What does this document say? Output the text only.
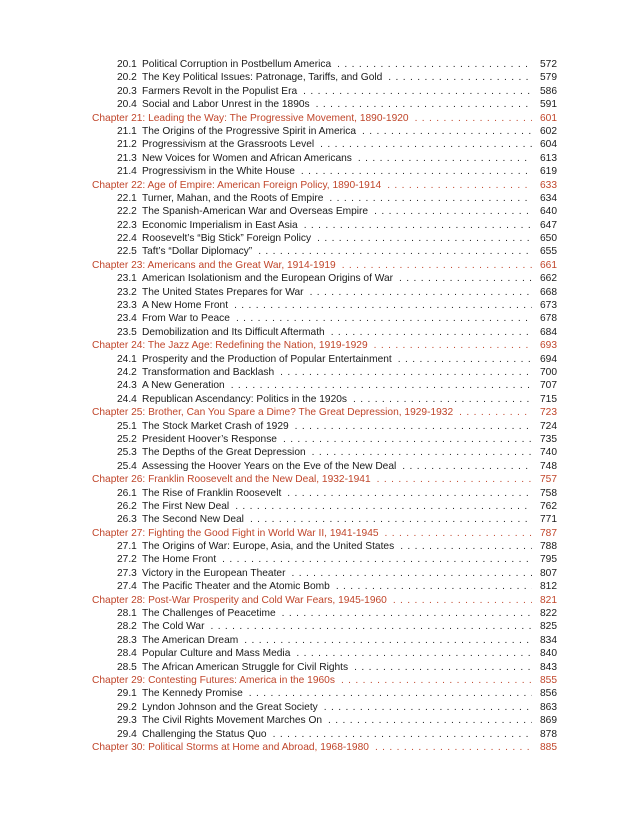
20.1 Political Corruption in Postbellum America .....	572
20.2 The Key Political Issues: Patronage, Tariffs, and Gold .....	579
20.3 Farmers Revolt in the Populist Era .....	586
20.4 Social and Labor Unrest in the 1890s .....	591
Chapter 21: Leading the Way: The Progressive Movement, 1890-1920 .....	601
21.1 The Origins of the Progressive Spirit in America .....	602
21.2 Progressivism at the Grassroots Level .....	604
21.3 New Voices for Women and African Americans .....	613
21.4 Progressivism in the White House .....	619
Chapter 22: Age of Empire: American Foreign Policy, 1890-1914 .....	633
22.1 Turner, Mahan, and the Roots of Empire .....	634
22.2 The Spanish-American War and Overseas Empire .....	640
22.3 Economic Imperialism in East Asia .....	647
22.4 Roosevelt’s “Big Stick” Foreign Policy .....	650
22.5 Taft’s “Dollar Diplomacy” .....	655
Chapter 23: Americans and the Great War, 1914-1919 .....	661
23.1 American Isolationism and the European Origins of War .....	662
23.2 The United States Prepares for War .....	668
23.3 A New Home Front .....	673
23.4 From War to Peace .....	678
23.5 Demobilization and Its Difficult Aftermath .....	684
Chapter 24: The Jazz Age: Redefining the Nation, 1919-1929 .....	693
24.1 Prosperity and the Production of Popular Entertainment .....	694
24.2 Transformation and Backlash .....	700
24.3 A New Generation .....	707
24.4 Republican Ascendancy: Politics in the 1920s .....	715
Chapter 25: Brother, Can You Spare a Dime? The Great Depression, 1929-1932 .....	723
25.1 The Stock Market Crash of 1929 .....	724
25.2 President Hoover’s Response .....	735
25.3 The Depths of the Great Depression .....	740
25.4 Assessing the Hoover Years on the Eve of the New Deal .....	748
Chapter 26: Franklin Roosevelt and the New Deal, 1932-1941 .....	757
26.1 The Rise of Franklin Roosevelt .....	758
26.2 The First New Deal .....	762
26.3 The Second New Deal .....	771
Chapter 27: Fighting the Good Fight in World War II, 1941-1945 .....	787
27.1 The Origins of War: Europe, Asia, and the United States .....	788
27.2 The Home Front .....	795
27.3 Victory in the European Theater .....	807
27.4 The Pacific Theater and the Atomic Bomb .....	812
Chapter 28: Post-War Prosperity and Cold War Fears, 1945-1960 .....	821
28.1 The Challenges of Peacetime .....	822
28.2 The Cold War .....	825
28.3 The American Dream .....	834
28.4 Popular Culture and Mass Media .....	840
28.5 The African American Struggle for Civil Rights .....	843
Chapter 29: Contesting Futures: America in the 1960s .....	855
29.1 The Kennedy Promise .....	856
29.2 Lyndon Johnson and the Great Society .....	863
29.3 The Civil Rights Movement Marches On .....	869
29.4 Challenging the Status Quo .....	878
Chapter 30: Political Storms at Home and Abroad, 1968-1980 .....	885
